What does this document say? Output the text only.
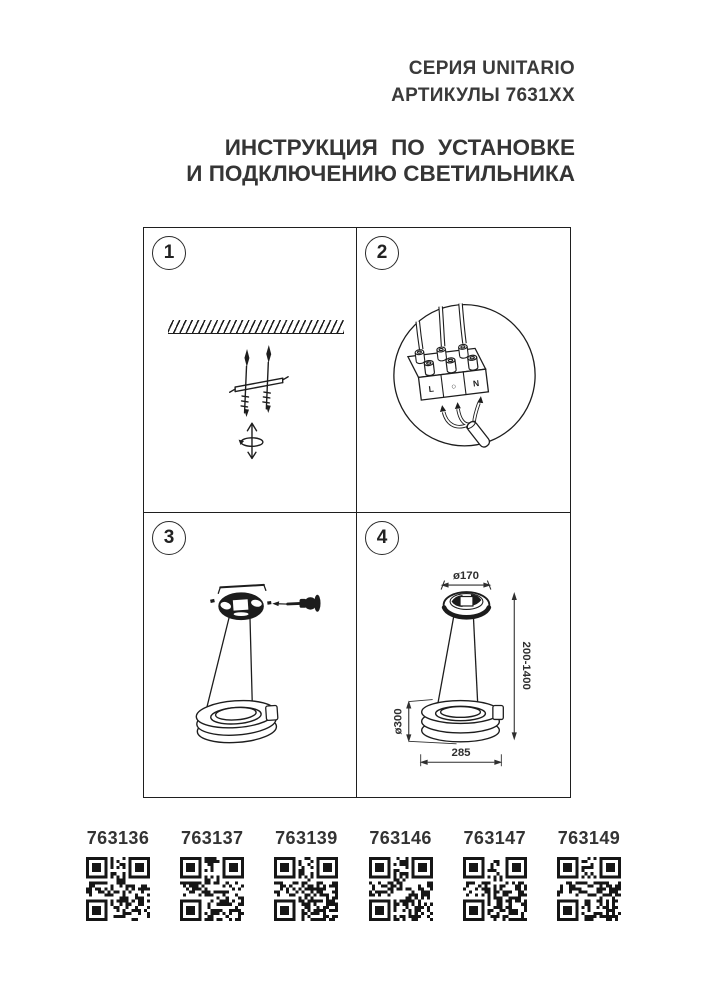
СЕРИЯ UNITARIO
АРТИКУЛЫ 7631ХХ
ИНСТРУКЦИЯ ПО УСТАНОВКЕ
И ПОДКЛЮЧЕНИЮ СВЕТИЛЬНИКА
1	2
L ○ N
3	4
ø170
200-1400
ø300
285
763136 763137 763139 763146 763147 763149
